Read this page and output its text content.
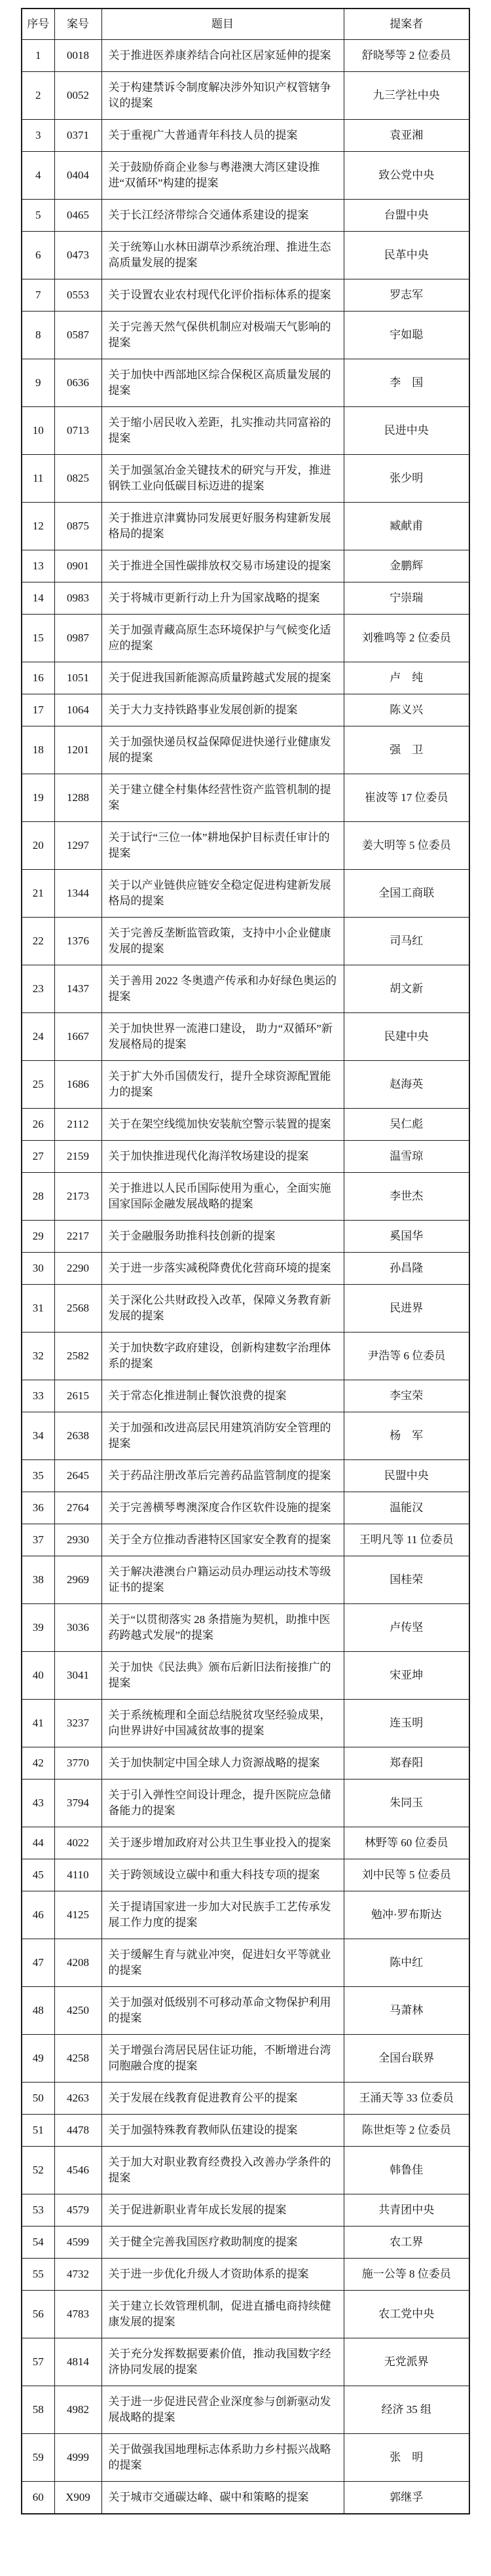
序号	案号	题目	提案者
1	0018	关于推进医养康养结合向社区居家延伸的提案	舒晓琴等 2 位委员
2	0052	关于构建禁诉令制度解决涉外知识产权管辖争议的提案	九三学社中央
3	0371	关于重视广大普通青年科技人员的提案	袁亚湘
4	0404	关于鼓励侨商企业参与粤港澳大湾区建设推进“双循环”构建的提案	致公党中央
5	0465	关于长江经济带综合交通体系建设的提案	台盟中央
6	0473	关于统筹山水林田湖草沙系统治理、推进生态高质量发展的提案	民革中央
7	0553	关于设置农业农村现代化评价指标体系的提案	罗志军
8	0587	关于完善天然气保供机制应对极端天气影响的提案	宇如聪
9	0636	关于加快中西部地区综合保税区高质量发展的提案	李　国
10	0713	关于缩小居民收入差距，扎实推动共同富裕的提案	民进中央
11	0825	关于加强氢冶金关键技术的研究与开发，推进钢铁工业向低碳目标迈进的提案	张少明
12	0875	关于推进京津冀协同发展更好服务构建新发展格局的提案	臧献甫
13	0901	关于推进全国性碳排放权交易市场建设的提案	金鹏辉
14	0983	关于将城市更新行动上升为国家战略的提案	宁崇瑞
15	0987	关于加强青藏高原生态环境保护与气候变化适应的提案	刘雅鸣等 2 位委员
16	1051	关于促进我国新能源高质量跨越式发展的提案	卢　纯
17	1064	关于大力支持铁路事业发展创新的提案	陈义兴
18	1201	关于加强快递员权益保障促进快递行业健康发展的提案	强　卫
19	1288	关于建立健全村集体经营性资产监管机制的提案	崔波等 17 位委员
20	1297	关于试行“三位一体”耕地保护目标责任审计的提案	姜大明等 5 位委员
21	1344	关于以产业链供应链安全稳定促进构建新发展格局的提案	全国工商联
22	1376	关于完善反垄断监管政策，支持中小企业健康发展的提案	司马红
23	1437	关于善用 2022 冬奥遗产传承和办好绿色奥运的提案	胡文新
24	1667	关于加快世界一流港口建设， 助力“双循环”新发展格局的提案	民建中央
25	1686	关于扩大外币国债发行，提升全球资源配置能力的提案	赵海英
26	2112	关于在架空线缆加快安装航空警示装置的提案	吴仁彪
27	2159	关于加快推进现代化海洋牧场建设的提案	温雪琼
28	2173	关于推进以人民币国际使用为重心，全面实施国家国际金融发展战略的提案	李世杰
29	2217	关于金融服务助推科技创新的提案	奚国华
30	2290	关于进一步落实减税降费优化营商环境的提案	孙昌隆
31	2568	关于深化公共财政投入改革，保障义务教育新发展的提案	民进界
32	2582	关于加快数字政府建设，创新构建数字治理体系的提案	尹浩等 6 位委员
33	2615	关于常态化推进制止餐饮浪费的提案	李宝荣
34	2638	关于加强和改进高层民用建筑消防安全管理的提案	杨　军
35	2645	关于药品注册改革后完善药品监管制度的提案	民盟中央
36	2764	关于完善横琴粤澳深度合作区软件设施的提案	温能汉
37	2930	关于全方位推动香港特区国家安全教育的提案	王明凡等 11 位委员
38	2969	关于解决港澳台户籍运动员办理运动技术等级证书的提案	国桂荣
39	3036	关于“以贯彻落实 28 条措施为契机，助推中医药跨越式发展”的提案	卢传坚
40	3041	关于加快《民法典》颁布后新旧法衔接推广的提案	宋亚坤
41	3237	关于系统梳理和全面总结脱贫攻坚经验成果，向世界讲好中国减贫故事的提案	连玉明
42	3770	关于加快制定中国全球人力资源战略的提案	郑春阳
43	3794	关于引入弹性空间设计理念，提升医院应急储备能力的提案	朱同玉
44	4022	关于逐步增加政府对公共卫生事业投入的提案	林野等 60 位委员
45	4110	关于跨领域设立碳中和重大科技专项的提案	刘中民等 5 位委员
46	4125	关于提请国家进一步加大对民族手工艺传承发展工作力度的提案	勉冲·罗布斯达
47	4208	关于缓解生育与就业冲突，促进妇女平等就业的提案	陈中红
48	4250	关于加强对低级别不可移动革命文物保护利用的提案	马萧林
49	4258	关于增强台湾居民居住证功能，不断增进台湾同胞融合度的提案	全国台联界
50	4263	关于发展在线教育促进教育公平的提案	王涌天等 33 位委员
51	4478	关于加强特殊教育教师队伍建设的提案	陈世炬等 2 位委员
52	4546	关于加大对职业教育经费投入改善办学条件的提案	韩鲁佳
53	4579	关于促进新职业青年成长发展的提案	共青团中央
54	4599	关于健全完善我国医疗救助制度的提案	农工界
55	4732	关于进一步优化升级人才资助体系的提案	施一公等 8 位委员
56	4783	关于建立长效管理机制，促进直播电商持续健康发展的提案	农工党中央
57	4814	关于充分发挥数据要素价值，推动我国数字经济协同发展的提案	无党派界
58	4982	关于进一步促进民营企业深度参与创新驱动发展战略的提案	经济 35 组
59	4999	关于做强我国地理标志体系助力乡村振兴战略的提案	张　明
60	X909	关于城市交通碳达峰、碳中和策略的提案	郭继孚
